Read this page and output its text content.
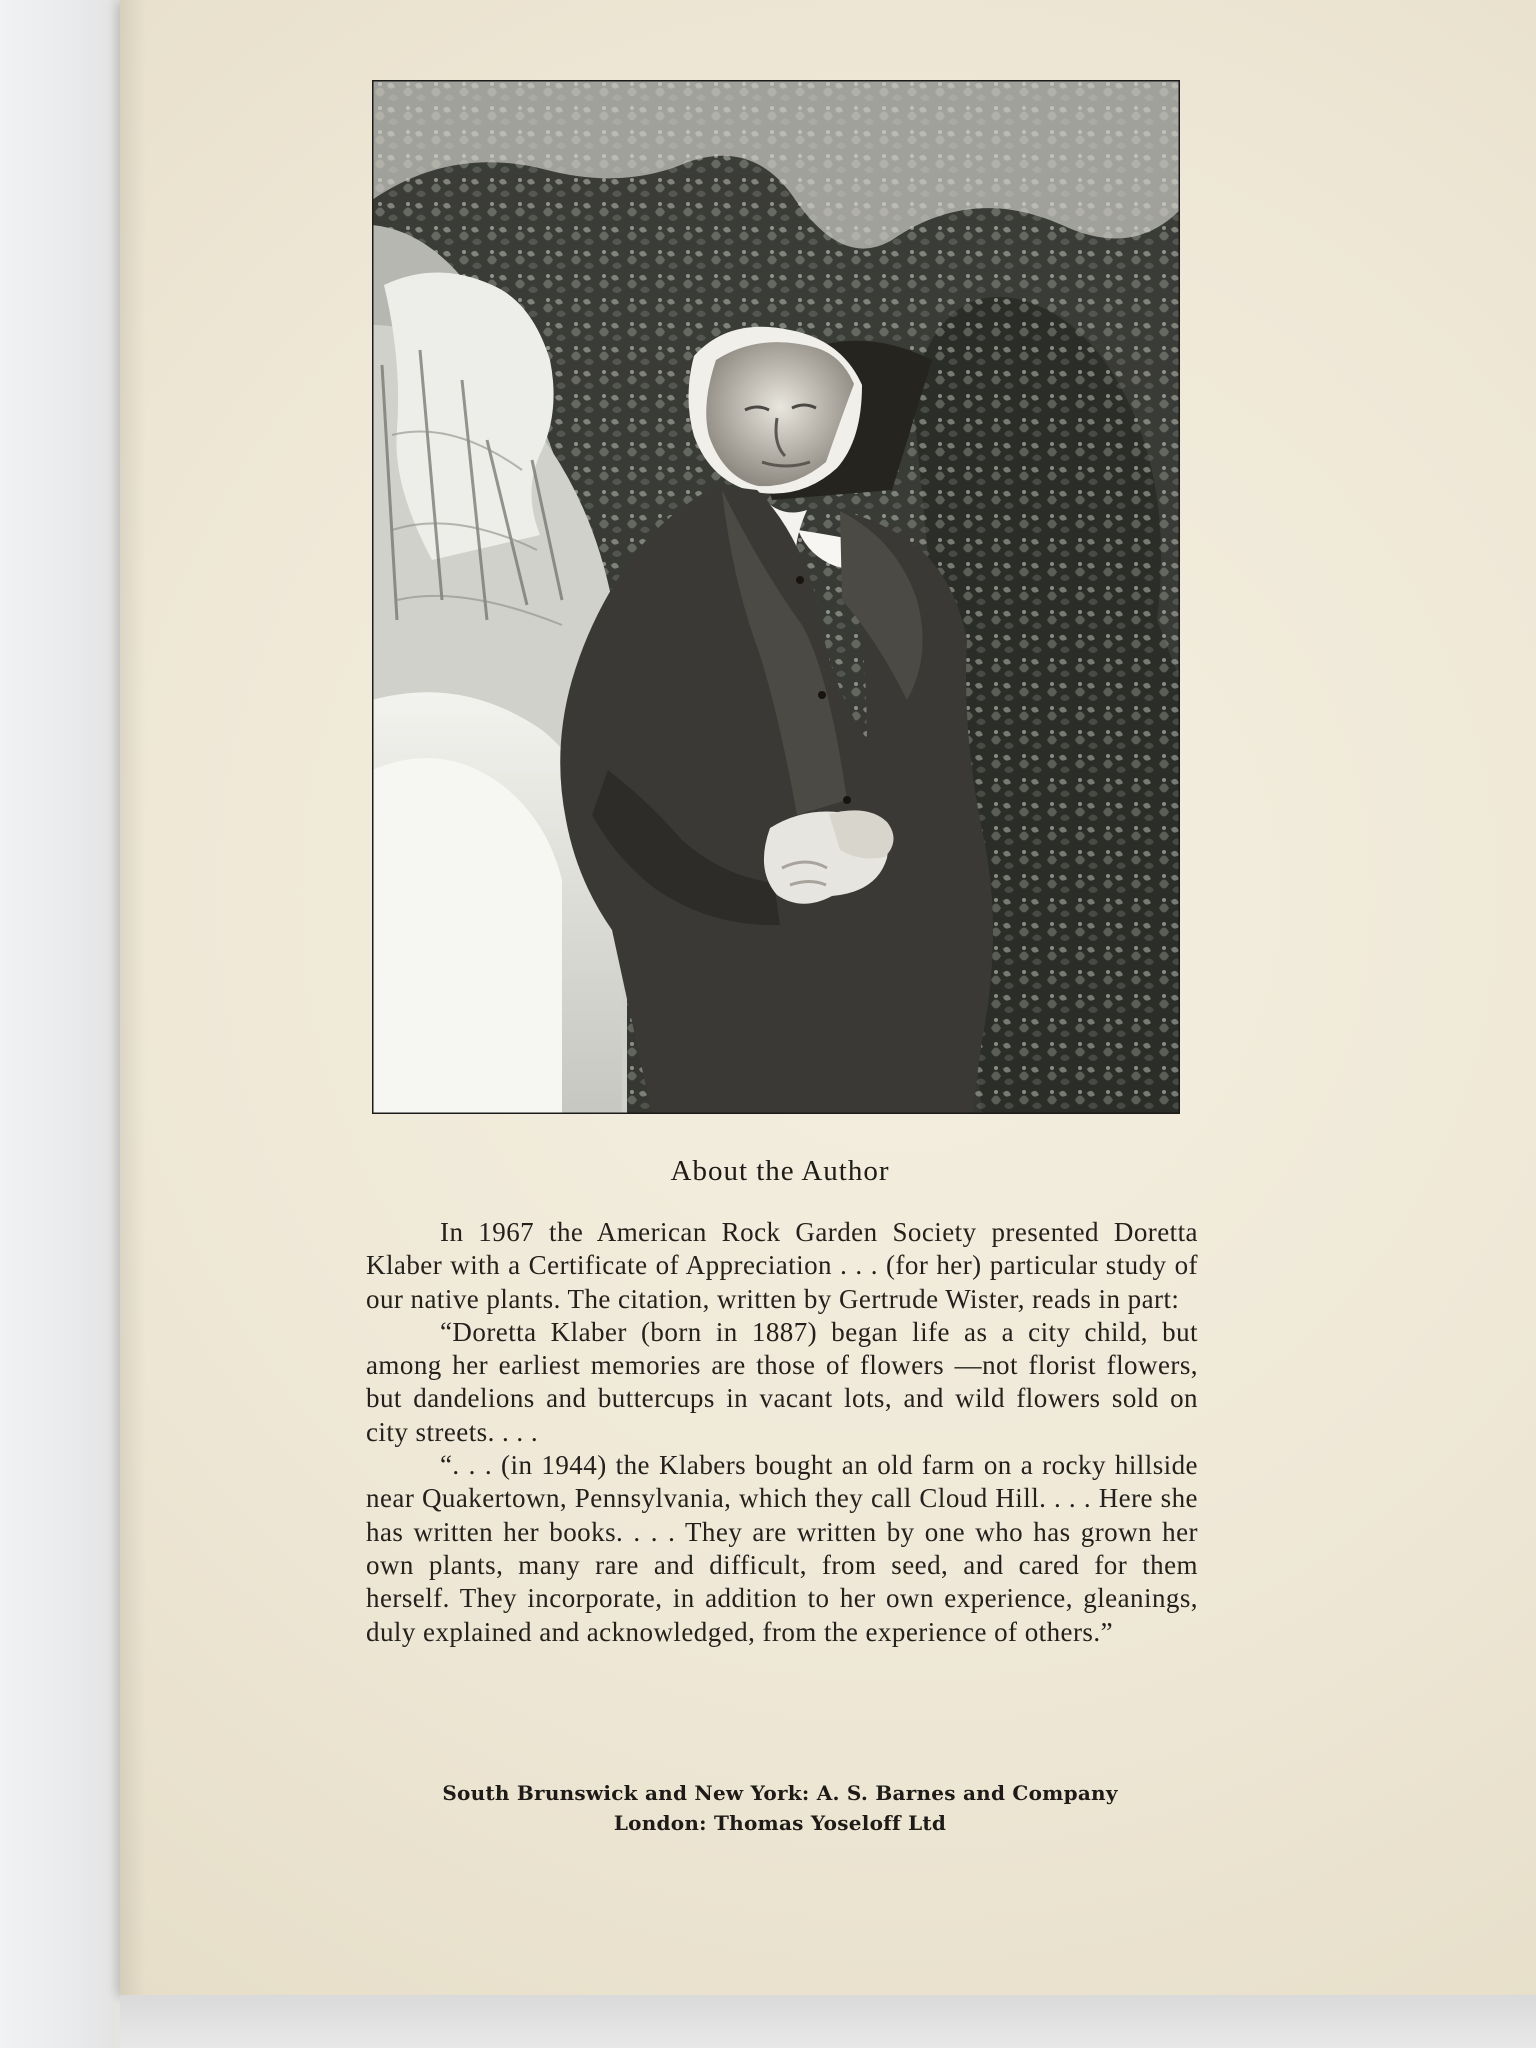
About the Author

In 1967 the American Rock Garden Society presented Doretta Klaber with a Certificate of Appreciation . . . (for her) particular study of our native plants. The citation, written by Gertrude Wister, reads in part:

“Doretta Klaber (born in 1887) began life as a city child, but among her earliest memories are those of flowers —not florist flowers, but dandelions and buttercups in vacant lots, and wild flowers sold on city streets. . . .

“. . . (in 1944) the Klabers bought an old farm on a rocky hillside near Quakertown, Pennsylvania, which they call Cloud Hill. . . . Here she has written her books. . . . They are written by one who has grown her own plants, many rare and difficult, from seed, and cared for them herself. They incorporate, in addition to her own experience, gleanings, duly explained and acknowledged, from the experience of others.”

South Brunswick and New York: A. S. Barnes and Company
London: Thomas Yoseloff Ltd
